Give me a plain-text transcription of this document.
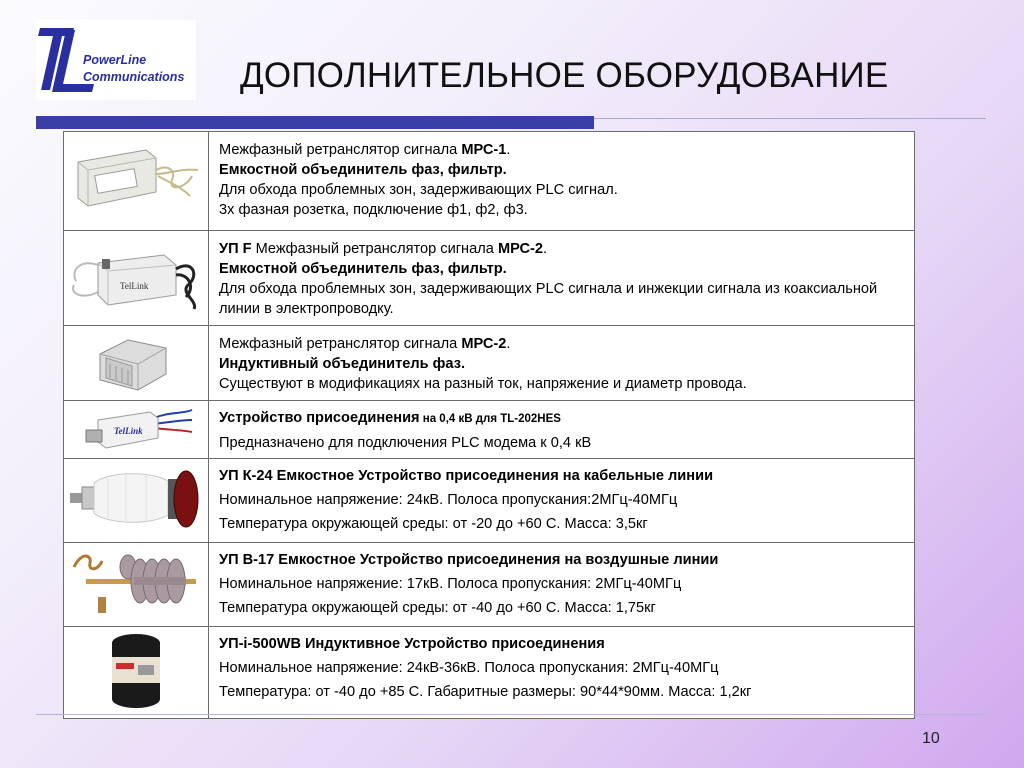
PowerLine
Communications ДОПОЛНИТЕЛЬНОЕ ОБОРУДОВАНИЕ

Межфазный ретранслятор сигнала МРС-1.
Емкостной объединитель фаз, фильтр.
Для обхода проблемных зон, задерживающих PLC сигнал.
3х фазная розетка, подключение ф1, ф2, ф3.

TelLink	УП F Межфазный ретранслятор сигнала МРС-2.
Емкостной объединитель фаз, фильтр.
Для обхода проблемных зон, задерживающих PLC сигнала и инжекции сигнала из коаксиальной линии в электропроводку.

Межфазный ретранслятор сигнала МРС-2.
Индуктивный объединитель фаз.
Существуют в модификациях на разный ток, напряжение и диаметр провода.

TelLink	Устройство присоединения на 0,4 кВ для TL-202HES
Предназначено для подключения PLC модема к 0,4 кВ

УП К-24 Емкостное Устройство присоединения на кабельные линии
Номинальное напряжение: 24кВ. Полоса пропускания:2МГц-40МГц
Температура окружающей среды: от -20 до +60 С. Масса: 3,5кг

УП В-17 Емкостное Устройство присоединения на воздушные линии
Номинальное напряжение: 17кВ. Полоса пропускания: 2МГц-40МГц
Температура окружающей среды: от -40 до +60 С. Масса: 1,75кг

УП-i-500WB Индуктивное Устройство присоединения
Номинальное напряжение: 24кВ-36кВ. Полоса пропускания: 2МГц-40МГц
Температура: от -40 до +85 С. Габаритные размеры: 90*44*90мм. Масса: 1,2кг
10
